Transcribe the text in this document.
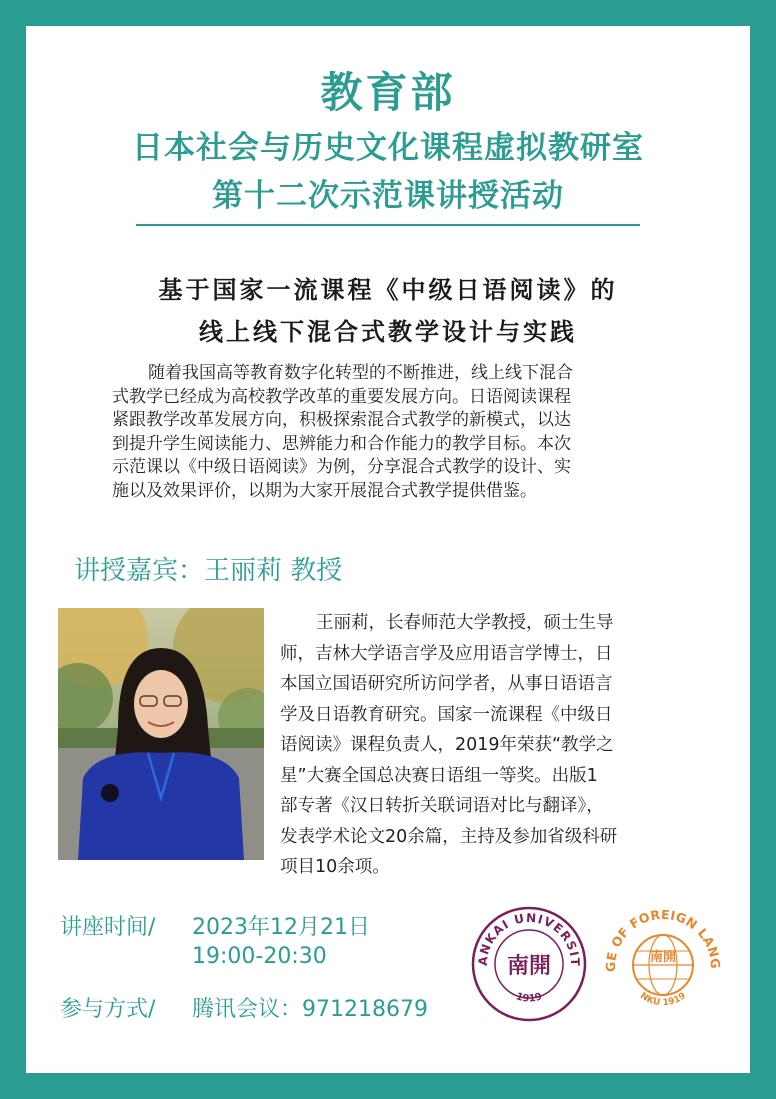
教育部
日本社会与历史文化课程虚拟教研室
第十二次示范课讲授活动
基于国家一流课程《中级日语阅读》的
线上线下混合式教学设计与实践
随着我国高等教育数字化转型的不断推进，线上线下混合
式教学已经成为高校教学改革的重要发展方向。日语阅读课程
紧跟教学改革发展方向，积极探索混合式教学的新模式，以达
到提升学生阅读能力、思辨能力和合作能力的教学目标。本次
示范课以《中级日语阅读》为例，分享混合式教学的设计、实
施以及效果评价，以期为大家开展混合式教学提供借鉴。
讲授嘉宾：王丽莉 教授
王丽莉，长春师范大学教授，硕士生导
师，吉林大学语言学及应用语言学博士，日
本国立国语研究所访问学者，从事日语语言
学及日语教育研究。国家一流课程《中级日
语阅读》课程负责人，2019年荣获“教学之
星”大赛全国总决赛日语组一等奖。出版1
部专著《汉日转折关联词语对比与翻译》，
发表学术论文20余篇，主持及参加省级科研
项目10余项。
讲座时间/ 2023年12月21日
19:00-20:30
参与方式/ 腾讯会议：971218679
ANKAI UNIVERSIT
1919
南開	GE OF FOREIGN LANG
NKU 1919
南開
